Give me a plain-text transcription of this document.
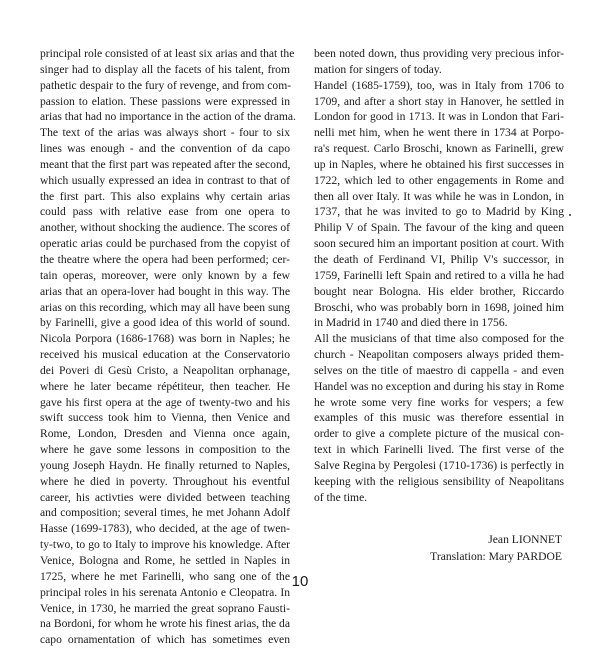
principal role consisted of at least six arias and that the
singer had to display all the facets of his talent, from
pathetic despair to the fury of revenge, and from com-
passion to elation. These passions were expressed in
arias that had no importance in the action of the drama.
The text of the arias was always short - four to six
lines was enough - and the convention of da capo
meant that the first part was repeated after the second,
which usually expressed an idea in contrast to that of
the first part. This also explains why certain arias
could pass with relative ease from one opera to
another, without shocking the audience. The scores of
operatic arias could be purchased from the copyist of
the theatre where the opera had been performed; cer-
tain operas, moreover, were only known by a few
arias that an opera-lover had bought in this way. The
arias on this recording, which may all have been sung
by Farinelli, give a good idea of this world of sound.
Nicola Porpora (1686-1768) was born in Naples; he
received his musical education at the Conservatorio
dei Poveri di Gesù Cristo, a Neapolitan orphanage,
where he later became répétiteur, then teacher. He
gave his first opera at the age of twenty-two and his
swift success took him to Vienna, then Venice and
Rome, London, Dresden and Vienna once again,
where he gave some lessons in composition to the
young Joseph Haydn. He finally returned to Naples,
where he died in poverty. Throughout his eventful
career, his activties were divided between teaching
and composition; several times, he met Johann Adolf
Hasse (1699-1783), who decided, at the age of twen-
ty-two, to go to Italy to improve his knowledge. After
Venice, Bologna and Rome, he settled in Naples in
1725, where he met Farinelli, who sang one of the
principal roles in his serenata Antonio e Cleopatra. In
Venice, in 1730, he married the great soprano Fausti-
na Bordoni, for whom he wrote his finest arias, the da
capo ornamentation of which has sometimes even
been noted down, thus providing very precious infor-
mation for singers of today.
Handel (1685-1759), too, was in Italy from 1706 to
1709, and after a short stay in Hanover, he settled in
London for good in 1713. It was in London that Fari-
nelli met him, when he went there in 1734 at Porpo-
ra's request. Carlo Broschi, known as Farinelli, grew
up in Naples, where he obtained his first successes in
1722, which led to other engagements in Rome and
then all over Italy. It was while he was in London, in
1737, that he was invited to go to Madrid by King
Philip V of Spain. The favour of the king and queen
soon secured him an important position at court. With
the death of Ferdinand VI, Philip V's successor, in
1759, Farinelli left Spain and retired to a villa he had
bought near Bologna. His elder brother, Riccardo
Broschi, who was probably born in 1698, joined him
in Madrid in 1740 and died there in 1756.
All the musicians of that time also composed for the
church - Neapolitan composers always prided them-
selves on the title of maestro di cappella - and even
Handel was no exception and during his stay in Rome
he wrote some very fine works for vespers; a few
examples of this music was therefore essential in
order to give a complete picture of the musical con-
text in which Farinelli lived. The first verse of the
Salve Regina by Pergolesi (1710-1736) is perfectly in
keeping with the religious sensibility of Neapolitans
of the time.
Jean LIONNET
Translation: Mary PARDOE
10
